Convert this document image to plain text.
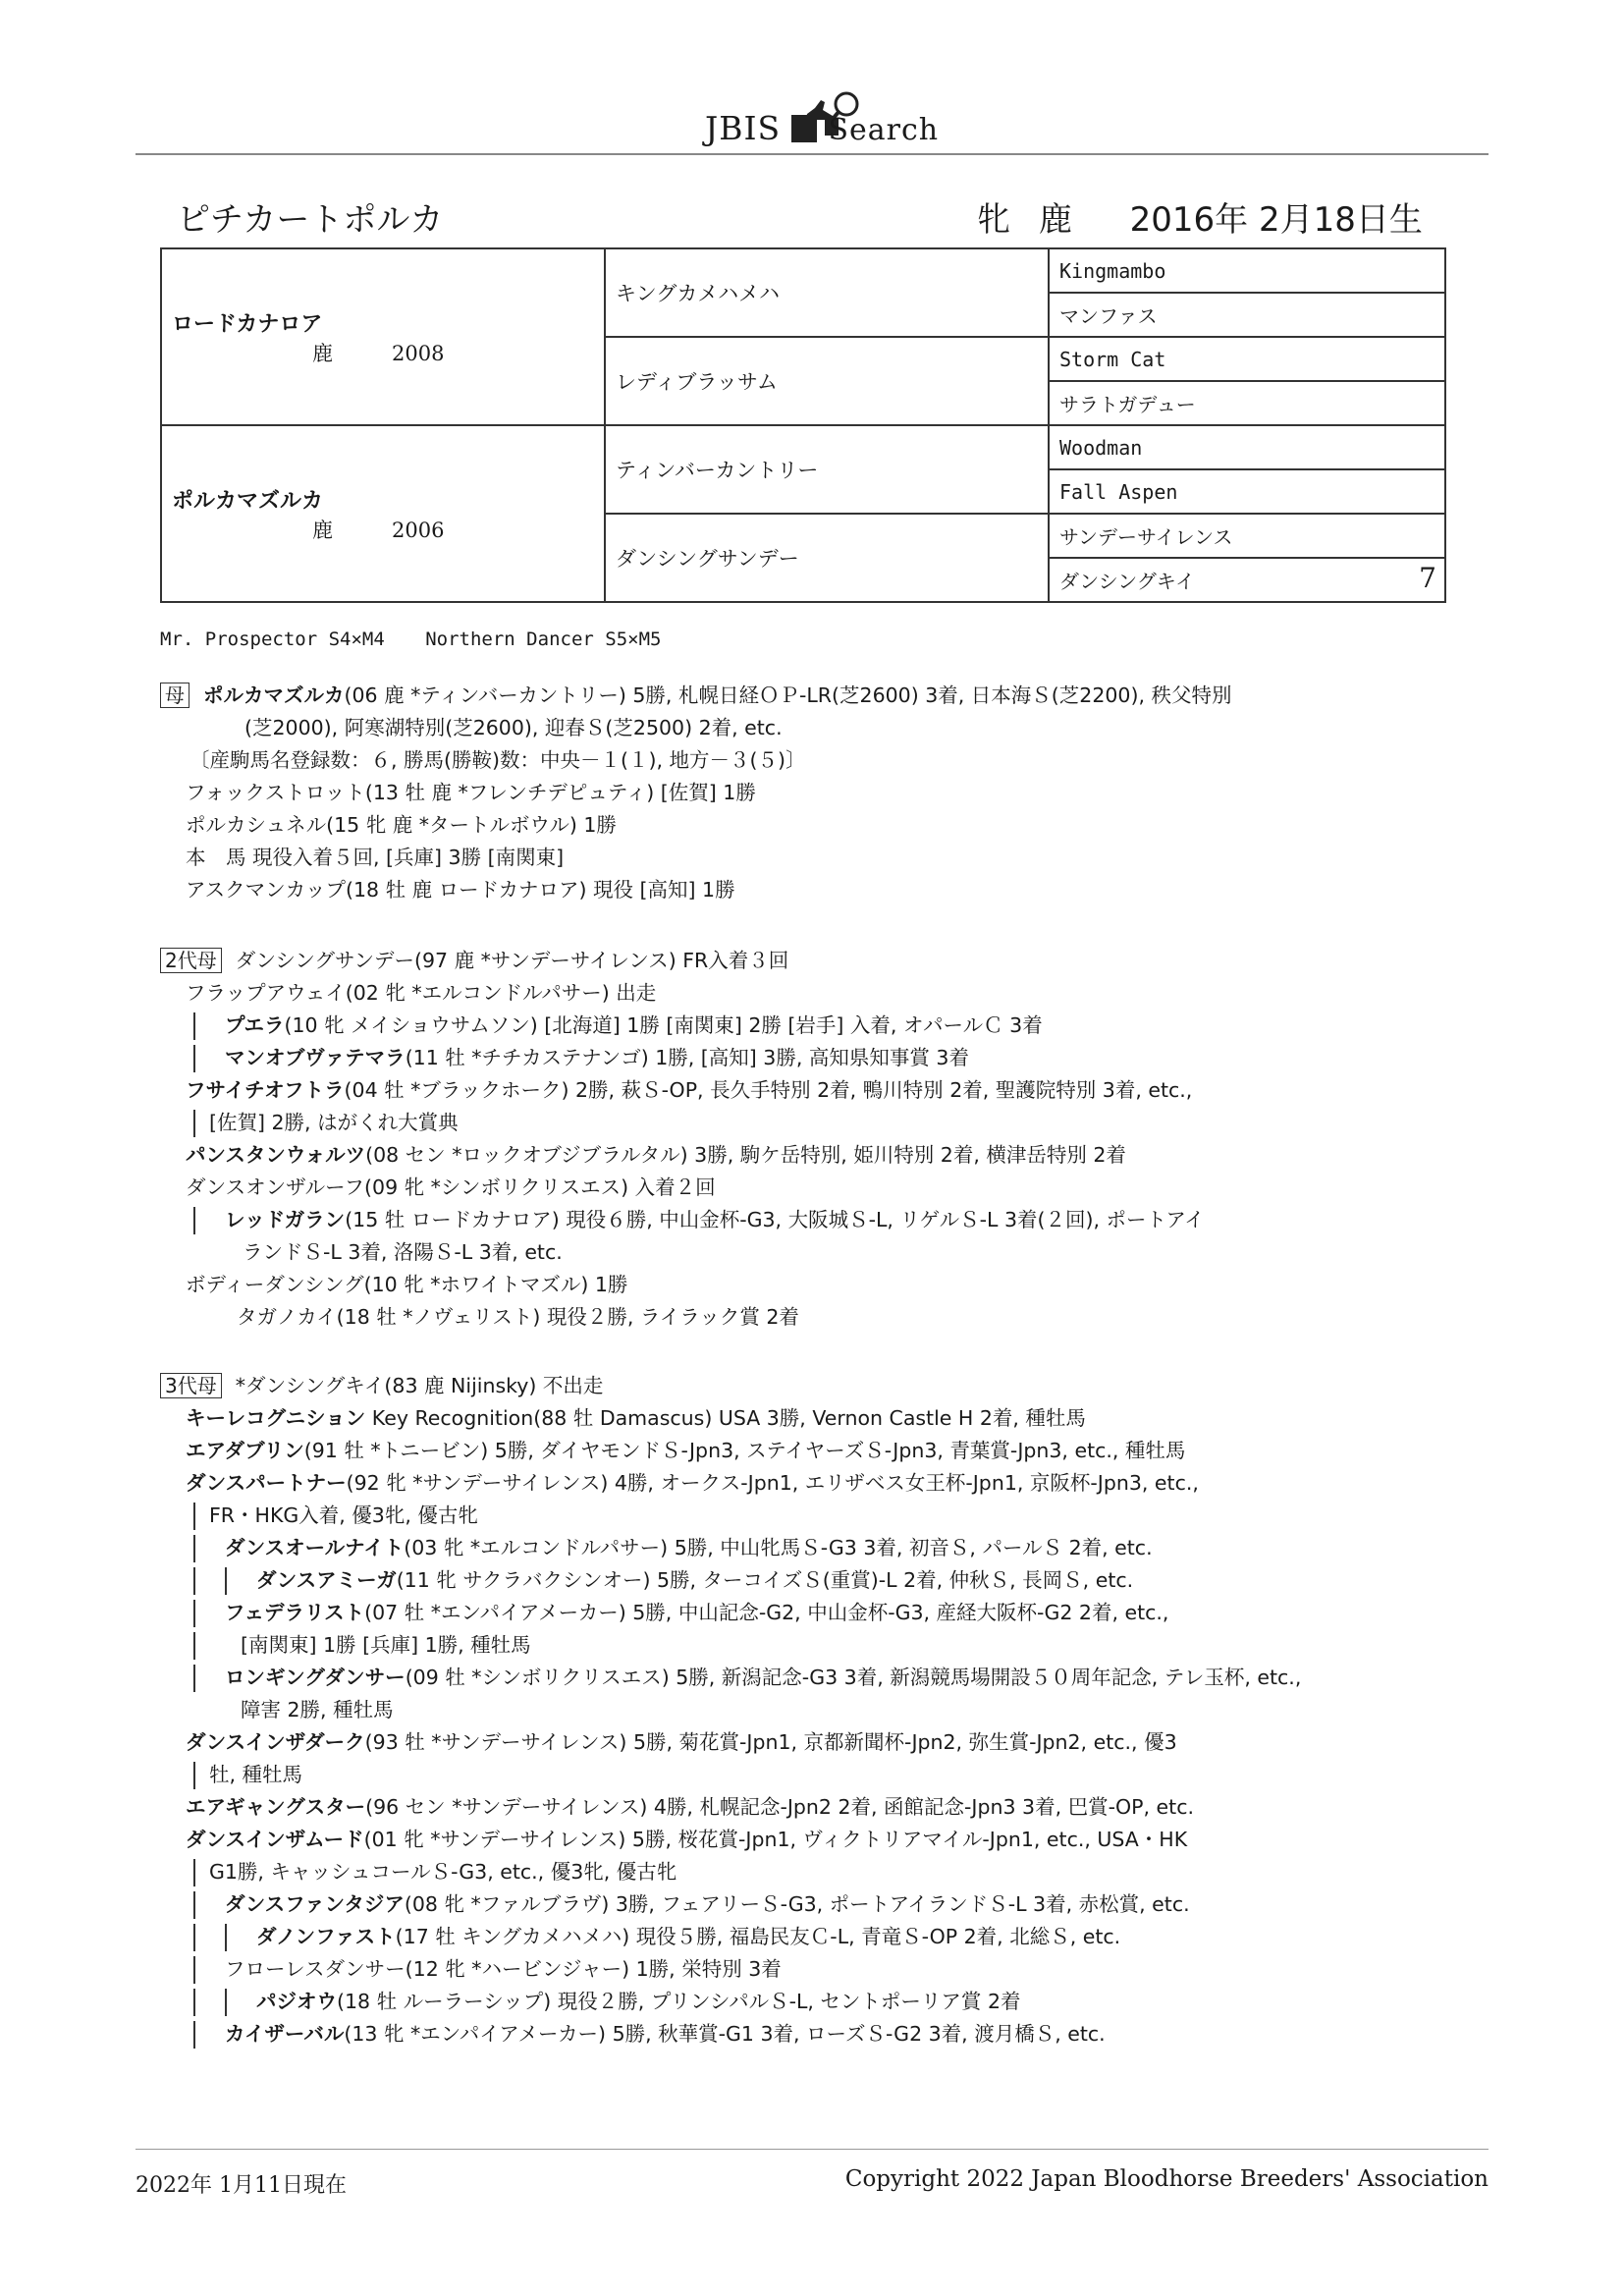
JBIS Search
ピチカートポルカ	牝 鹿 2016年 2月18日生
ロードカナロア
鹿 2008	キングカメハメハ	Kingmambo
		マンファス
	レディブラッサム	Storm Cat
		サラトガデュー

ポルカマズルカ
鹿 2006	ティンバーカントリー	Woodman
		Fall Aspen
	ダンシングサンデー	サンデーサイレンス
		ダンシングキイ 7
Mr. Prospector S4×M4 Northern Dancer S5×M5
母 ポルカマズルカ(06 鹿 *ティンバーカントリー) 5勝, 札幌日経ＯＰ-LR(芝2600) 3着, 日本海Ｓ(芝2200), 秩父特別
(芝2000), 阿寒湖特別(芝2600), 迎春Ｓ(芝2500) 2着, etc.
〔産駒馬名登録数：６, 勝馬(勝鞍)数：中央－１(１), 地方－３(５)〕
フォックストロット(13 牡 鹿 *フレンチデピュティ) [佐賀] 1勝
ポルカシュネル(15 牝 鹿 *タートルボウル) 1勝
本　馬 現役入着５回, [兵庫] 3勝 [南関東]
アスクマンカップ(18 牡 鹿 ロードカナロア) 現役 [高知] 1勝
2代母 ダンシングサンデー(97 鹿 *サンデーサイレンス) FR入着３回
フラップアウェイ(02 牝 *エルコンドルパサー) 出走
プエラ(10 牝 メイショウサムソン) [北海道] 1勝 [南関東] 2勝 [岩手] 入着, オパールＣ 3着
マンオブヴァテマラ(11 牡 *チチカステナンゴ) 1勝, [高知] 3勝, 高知県知事賞 3着
フサイチオフトラ(04 牡 *ブラックホーク) 2勝, 萩Ｓ-OP, 長久手特別 2着, 鴨川特別 2着, 聖護院特別 3着, etc.,
[佐賀] 2勝, はがくれ大賞典
パンスタンウォルツ(08 セン *ロックオブジブラルタル) 3勝, 駒ケ岳特別, 姫川特別 2着, 横津岳特別 2着
ダンスオンザルーフ(09 牝 *シンボリクリスエス) 入着２回
レッドガラン(15 牡 ロードカナロア) 現役６勝, 中山金杯-G3, 大阪城Ｓ-L, リゲルＳ-L 3着(２回), ポートアイ
ランドＳ-L 3着, 洛陽Ｓ-L 3着, etc.
ボディーダンシング(10 牝 *ホワイトマズル) 1勝
タガノカイ(18 牡 *ノヴェリスト) 現役２勝, ライラック賞 2着
3代母 *ダンシングキイ(83 鹿 Nijinsky) 不出走
キーレコグニション Key Recognition(88 牡 Damascus) USA 3勝, Vernon Castle H 2着, 種牡馬
エアダブリン(91 牡 *トニービン) 5勝, ダイヤモンドＳ-Jpn3, ステイヤーズＳ-Jpn3, 青葉賞-Jpn3, etc., 種牡馬
ダンスパートナー(92 牝 *サンデーサイレンス) 4勝, オークス-Jpn1, エリザベス女王杯-Jpn1, 京阪杯-Jpn3, etc.,
FR・HKG入着, 優3牝, 優古牝
ダンスオールナイト(03 牝 *エルコンドルパサー) 5勝, 中山牝馬Ｓ-G3 3着, 初音Ｓ, パールＳ 2着, etc.
ダンスアミーガ(11 牝 サクラバクシンオー) 5勝, ターコイズＳ(重賞)-L 2着, 仲秋Ｓ, 長岡Ｓ, etc.
フェデラリスト(07 牡 *エンパイアメーカー) 5勝, 中山記念-G2, 中山金杯-G3, 産経大阪杯-G2 2着, etc.,
[南関東] 1勝 [兵庫] 1勝, 種牡馬
ロンギングダンサー(09 牡 *シンボリクリスエス) 5勝, 新潟記念-G3 3着, 新潟競馬場開設５０周年記念, テレ玉杯, etc.,
障害 2勝, 種牡馬
ダンスインザダーク(93 牡 *サンデーサイレンス) 5勝, 菊花賞-Jpn1, 京都新聞杯-Jpn2, 弥生賞-Jpn2, etc., 優3
牡, 種牡馬
エアギャングスター(96 セン *サンデーサイレンス) 4勝, 札幌記念-Jpn2 2着, 函館記念-Jpn3 3着, 巴賞-OP, etc.
ダンスインザムード(01 牝 *サンデーサイレンス) 5勝, 桜花賞-Jpn1, ヴィクトリアマイル-Jpn1, etc., USA・HK
G1勝, キャッシュコールＳ-G3, etc., 優3牝, 優古牝
ダンスファンタジア(08 牝 *ファルブラヴ) 3勝, フェアリーＳ-G3, ポートアイランドＳ-L 3着, 赤松賞, etc.
ダノンファスト(17 牡 キングカメハメハ) 現役５勝, 福島民友Ｃ-L, 青竜Ｓ-OP 2着, 北総Ｓ, etc.
フローレスダンサー(12 牝 *ハービンジャー) 1勝, 栄特別 3着
パジオウ(18 牡 ルーラーシップ) 現役２勝, プリンシパルＳ-L, セントポーリア賞 2着
カイザーバル(13 牝 *エンパイアメーカー) 5勝, 秋華賞-G1 3着, ローズＳ-G2 3着, 渡月橋Ｓ, etc.
2022年 1月11日現在	Copyright 2022 Japan Bloodhorse Breeders' Association
